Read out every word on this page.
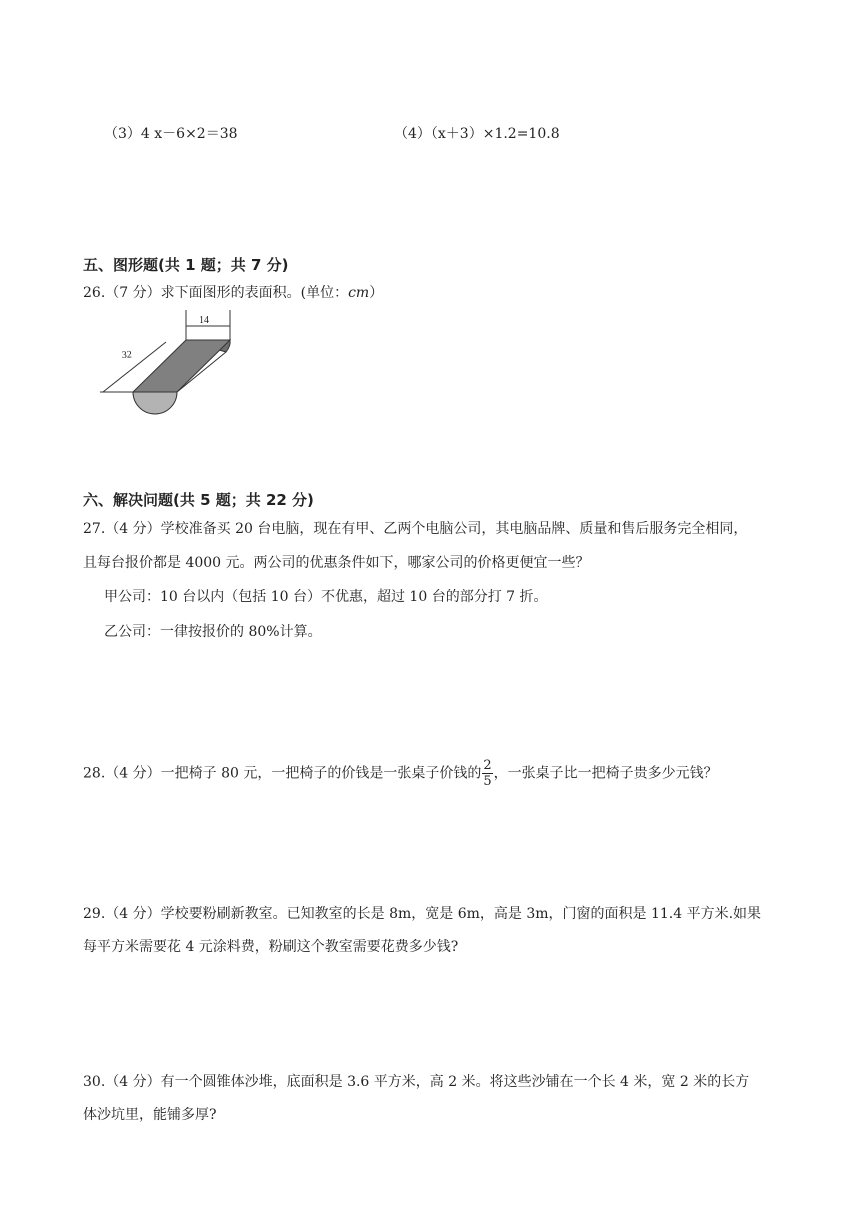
（3）4 x－6×2＝38	（4）（x＋3）×1.2=10.8
五、图形题(共 1 题；共 7 分)
26.（7 分）求下面图形的表面积。(单位：cm）
14
32
六、解决问题(共 5 题；共 22 分)
27.（4 分）学校准备买 20 台电脑，现在有甲、乙两个电脑公司，其电脑品牌、质量和售后服务完全相同，
且每台报价都是 4000 元。两公司的优惠条件如下，哪家公司的价格更便宜一些？
甲公司：10 台以内（包括 10 台）不优惠，超过 10 台的部分打 7 折。
乙公司：一律按报价的 80%计算。
28.（4 分）一把椅子 80 元，一把椅子的价钱是一张桌子价钱的 $\frac{2}{5}$ ，一张桌子比一把椅子贵多少元钱？
29.（4 分）学校要粉刷新教室。已知教室的长是 8m，宽是 6m，高是 3m，门窗的面积是 11.4 平方米.如果
每平方米需要花 4 元涂料费，粉刷这个教室需要花费多少钱?
30.（4 分）有一个圆锥体沙堆，底面积是 3.6 平方米，高 2 米。将这些沙铺在一个长 4 米，宽 2 米的长方
体沙坑里，能铺多厚?
